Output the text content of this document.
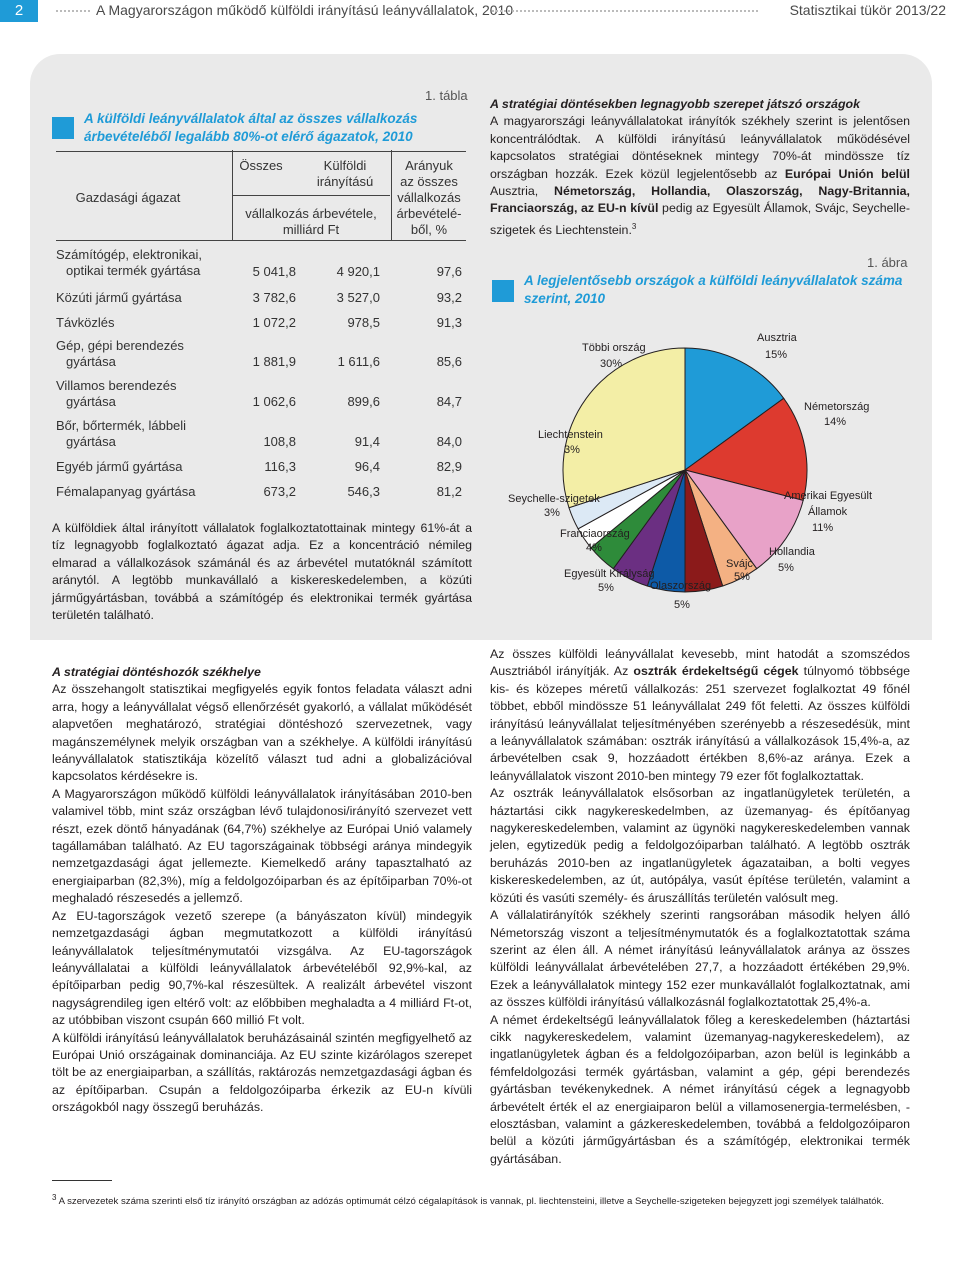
2	A Magyarországon működő külföldi irányítású leányvállalatok, 2010	Statisztikai tükör 2013/22
1. tábla
A külföldi leányvállalatok által az összes vállalkozás
árbevételéből legalább 80%-ot elérő ágazatok, 2010
Gazdasági ágazat
Összes	Külföldi
irányítású
vállalkozás árbevétele,
milliárd Ft
Arányuk
az összes
vállalkozás
árbevételé-
ből, %
Számítógép, elektronikai,
optikai termék gyártása	5 041,8	4 920,1	97,6
Közúti jármű gyártása	3 782,6	3 527,0	93,2
Távközlés	1 072,2	978,5	91,3
Gép, gépi berendezés
gyártása	1 881,9	1 611,6	85,6
Villamos berendezés
gyártása	1 062,6	899,6	84,7
Bőr, bőrtermék, lábbeli
gyártása	108,8	91,4	84,0
Egyéb jármű gyártása	116,3	96,4	82,9
Fémalapanyag gyártása	673,2	546,3	81,2
A külföldiek által irányított vállalatok foglalkoztatottainak mintegy 61%-át a tíz legnagyobb foglalkoztató ágazat adja. Ez a koncentráció némileg elmarad a vállalkozások számánál és az árbevétel mutatóknál számított aránytól. A legtöbb munkavállaló a kiskereskedelemben, a közúti járműgyártásban, továbbá a számítógép és elektronikai termék gyártása területén található.

A stratégiai döntésekben legnagyobb szerepet játszó országok

A magyarországi leányvállalatokat irányítók székhely szerint is jelentősen koncentrálódtak. A külföldi irányítású leányvállalatok működésével kapcsolatos stratégiai döntéseknek mintegy 70%-át mindössze tíz országban hozzák. Ezek közül legjelentősebb az Európai Unión belül Ausztria, Németország, Hollandia, Olaszország, Nagy-Britannia, Franciaország, az EU-n kívül pedig az Egyesült Államok, Svájc, Seychelle-szigetek és Liechtenstein.$^3$

1. ábra
A legjelentősebb országok a külföldi leányvállalatok száma
szerint, 2010
Többi ország
30%
Ausztria
15%
Németország
14%
Amerikai Egyesült
Államok
11%
Hollandia
5%
Svájc
5%
Olaszország
5%
Egyesült Királyság
5%
Franciaország
4%
Seychelle-szigetek
3%
Liechtenstein
3%

A stratégiai döntéshozók székhelye

Az összehangolt statisztikai megfigyelés egyik fontos feladata választ adni arra, hogy a leányvállalat végső ellenőrzését gyakorló, a vállalat működését alapvetően meghatározó, stratégiai döntéshozó szervezetnek, vagy magánszemélynek melyik országban van a székhelye. A külföldi irányítású leányvállalatok statisztikája közelítő választ tud adni a globalizációval kapcsolatos kérdésekre is.

A Magyarországon működő külföldi leányvállalatok irányításában 2010-ben valamivel több, mint száz országban lévő tulajdonosi/irányító szervezet vett részt, ezek döntő hányadának (64,7%) székhelye az Európai Unió valamely tagállamában található. Az EU tagországainak többségi aránya mindegyik nemzetgazdasági ágat jellemezte. Kiemelkedő arány tapasztalható az energiaiparban (82,3%), míg a feldolgozóiparban és az építőiparban 70%-ot meghaladó részesedés a jellemző.

Az EU-tagországok vezető szerepe (a bányászaton kívül) mindegyik nemzetgazdasági ágban megmutatkozott a külföldi irányítású leányvállalatok teljesítménymutatói vizsgálva. Az EU-tagországok leányvállalatai a külföldi leányvállalatok árbevételéből 92,9%-kal, az építőiparban pedig 90,7%-kal részesültek. A realizált árbevétel viszont nagyságrendileg igen eltérő volt: az előbbiben meghaladta a 4 milliárd Ft-ot, az utóbbiban viszont csupán 660 millió Ft volt.

A külföldi irányítású leányvállalatok beruházásainál szintén megfigyelhető az Európai Unió országainak dominanciája. Az EU szinte kizárólagos szerepet tölt be az energiaiparban, a szállítás, raktározás nemzetgazdasági ágban és az építőiparban. Csupán a feldolgozóiparba érkezik az EU-n kívüli országokból nagy összegű beruházás.

Az összes külföldi leányvállalat kevesebb, mint hatodát a szomszédos Ausztriából irányítják. Az osztrák érdekeltségű cégek túlnyomó többsége kis- és közepes méretű vállalkozás: 251 szervezet foglalkoztat 49 főnél többet, ebből mindössze 51 leányvállalat 249 főt feletti. Az összes külföldi irányítású leányvállalat teljesítményében szerényebb a részesedésük, mint a leányvállalatok számában: osztrák irányítású a vállalkozások 15,4%-a, az árbevételben csak 9, hozzáadott értékben 8,6%-az aránya. Ezek a leányvállalatok viszont 2010-ben mintegy 79 ezer főt foglalkoztattak.

Az osztrák leányvállalatok elsősorban az ingatlanügyletek területén, a háztartási cikk nagykereskedelmben, az üzemanyag- és építőanyag nagykereskedelemben, valamint az ügynöki nagykereskedelemben vannak jelen, egytizedük pedig a feldolgozóiparban található. A legtöbb osztrák beruházás 2010-ben az ingatlanügyletek ágazataiban, a bolti vegyes kiskereskedelemben, az út, autópálya, vasút építése területén, valamint a közúti és vasúti személy- és áruszállítás területén valósult meg.

A vállalatirányítók székhely szerinti rangsorában második helyen álló Németország viszont a teljesítménymutatók és a foglalkoztatottak száma szerint az élen áll. A német irányítású leányvállalatok aránya az összes külföldi leányvállalat árbevételében 27,7, a hozzáadott értékében 29,9%. Ezek a leányvállalatok mintegy 152 ezer munkavállalót foglalkoztatnak, ami az összes külföldi irányítású vállalkozásnál foglalkoztatottak 25,4%-a.

A német érdekeltségű leányvállalatok főleg a kereskedelemben (háztartási cikk nagykereskedelem, valamint üzemanyag-nagykereskedelem), az ingatlanügyletek ágban és a feldolgozóiparban, azon belül is leginkább a fémfeldolgozási termék gyártásban, valamint a gép, gépi berendezés gyártásban tevékenykednek. A német irányítású cégek a legnagyobb árbevételt érték el az energiaiparon belül a villamosenergia-termelésben, -elosztásban, valamint a gázkereskedelemben, továbbá a feldolgozóiparon belül a közúti járműgyártásban és a számítógép, elektronikai termék gyártásában.

$^3$ A szervezetek száma szerinti első tíz irányító országban az adózás optimumát célzó cégalapítások is vannak, pl. liechtensteini, illetve a Seychelle-szigeteken bejegyzett jogi személyek találhatók.
